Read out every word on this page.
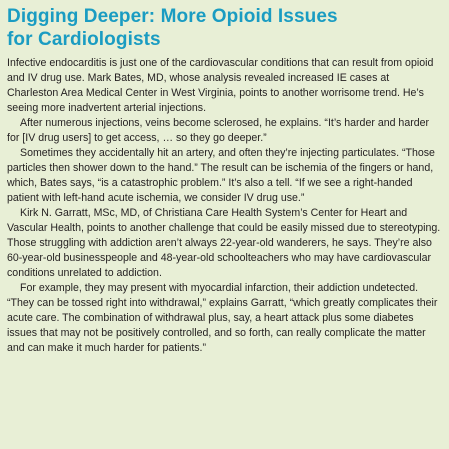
Digging Deeper: More Opioid Issues
for Cardiologists

Infective endocarditis is just one of the cardiovascular conditions that can result from opioid and IV drug use. Mark Bates, MD, whose analysis revealed increased IE cases at Charleston Area Medical Center in West Virginia, points to another worrisome trend. He’s seeing more inadvertent arterial injections.

After numerous injections, veins become sclerosed, he explains. “It’s harder and harder for [IV drug users] to get access, … so they go deeper.”

Sometimes they accidentally hit an artery, and often they’re injecting particulates. “Those particles then shower down to the hand.” The result can be ischemia of the fingers or hand, which, Bates says, “is a catastrophic problem.” It’s also a tell. “If we see a right-handed patient with left-hand acute ischemia, we consider IV drug use.”

Kirk N. Garratt, MSc, MD, of Christiana Care Health System’s Center for Heart and Vascular Health, points to another challenge that could be easily missed due to stereotyping. Those struggling with addiction aren’t always 22-year-old wanderers, he says. They’re also 60-year-old businesspeople and 48-year-old schoolteachers who may have cardiovascular conditions unrelated to addiction.

For example, they may present with myocardial infarction, their addiction undetected. “They can be tossed right into withdrawal,” explains Garratt, “which greatly complicates their acute care. The combination of withdrawal plus, say, a heart attack plus some diabetes issues that may not be positively controlled, and so forth, can really complicate the matter and can make it much harder for patients.”
